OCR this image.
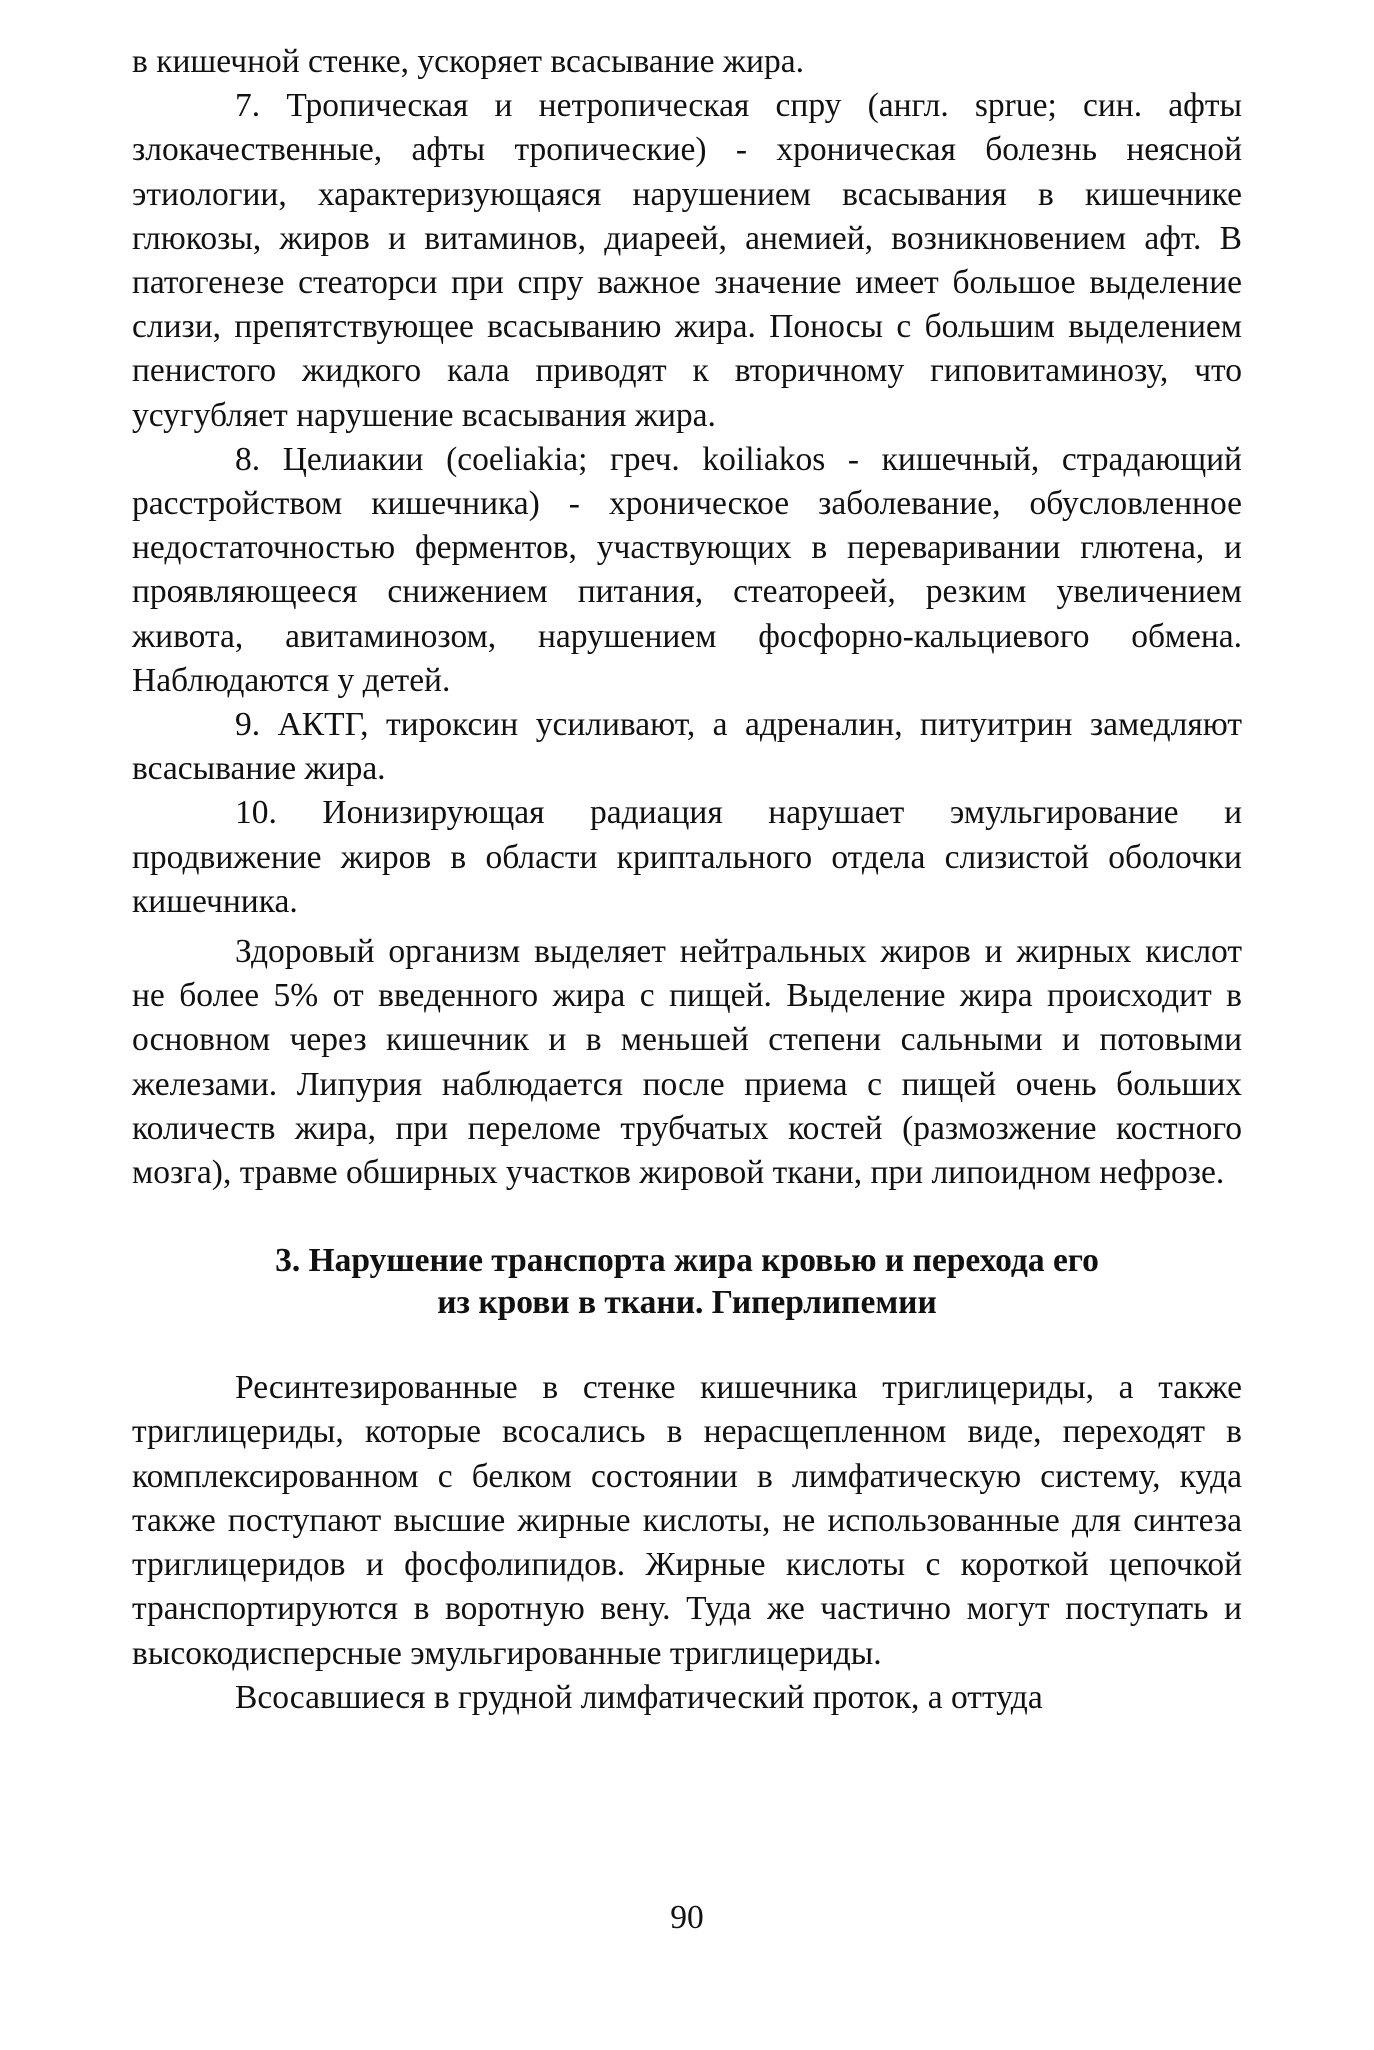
в кишечной стенке, ускоряет всасывание жира.

7. Тропическая и нетропическая спру (англ. sprue; син. афты злокачественные, афты тропические) - хроническая болезнь неясной этиологии, характеризующаяся нарушением всасывания в кишечнике глюкозы, жиров и витаминов, диареей, анемией, возникновением афт. В патогенезе стеаторси при спру важное значение имеет большое выделение слизи, препятствующее всасыванию жира. Поносы с большим выделением пенистого жидкого кала приводят к вторичному гиповитаминозу, что усугубляет нарушение всасывания жира.

8. Целиакии (coeliakia; греч. koiliakos - кишечный, страдающий расстройством кишечника) - хроническое заболевание, обусловленное недостаточностью ферментов, участвующих в переваривании глютена, и проявляющееся снижением питания, стеатореей, резким увеличением живота, авитаминозом, нарушением фосфорно-кальциевого обмена. Наблюдаются у детей.

9. АКТГ, тироксин усиливают, а адреналин, питуитрин замедляют всасывание жира.

10. Ионизирующая радиация нарушает эмульгирование и продвижение жиров в области криптального отдела слизистой оболочки кишечника.

Здоровый организм выделяет нейтральных жиров и жирных кислот не более 5% от введенного жира с пищей. Выделение жира происходит в основном через кишечник и в меньшей степени сальными и потовыми железами. Липурия наблюдается после приема с пищей очень больших количеств жира, при переломе трубчатых костей (размозжение костного мозга), травме обширных участков жировой ткани, при липоидном нефрозе.

3. Нарушение транспорта жира кровью и перехода его
из крови в ткани. Гиперлипемии

Ресинтезированные в стенке кишечника триглицериды, а также триглицериды, которые всосались в нерасщепленном виде, переходят в комплексированном с белком состоянии в лимфатическую систему, куда также поступают высшие жирные кислоты, не использованные для синтеза триглицеридов и фосфолипидов. Жирные кислоты с короткой цепочкой транспортируются в воротную вену. Туда же частично могут поступать и высокодисперсные эмульгированные триглицериды.

Всосавшиеся в грудной лимфатический проток, а оттуда

90
